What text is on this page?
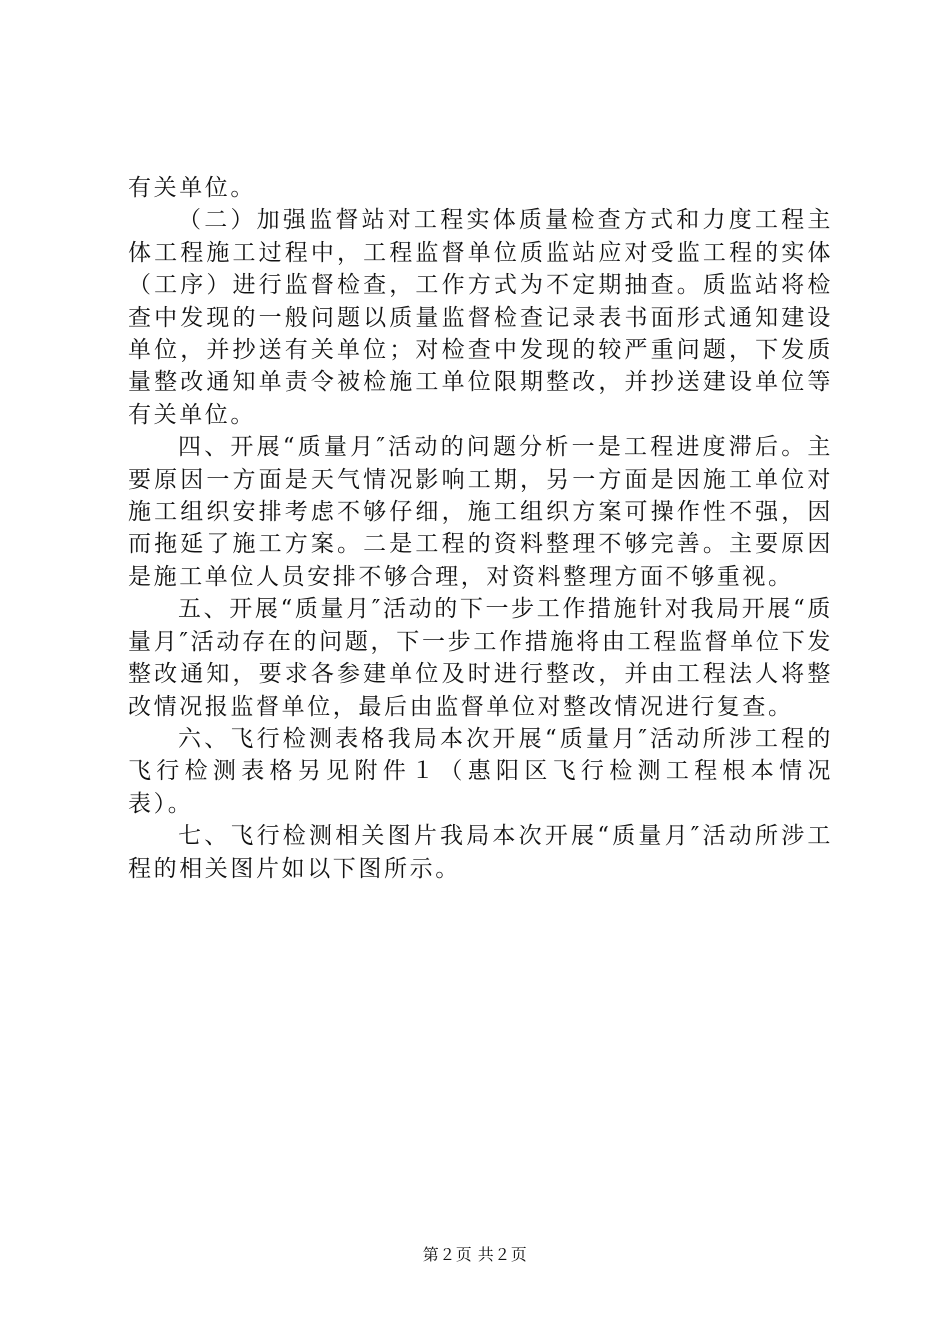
有关单位。

（二）加强监督站对工程实体质量检查方式和力度工程主体工程施工过程中，工程监督单位质监站应对受监工程的实体（工序）进行监督检查，工作方式为不定期抽查。质监站将检查中发现的一般问题以质量监督检查记录表书面形式通知建设单位，并抄送有关单位；对检查中发现的较严重问题，下发质量整改通知单责令被检施工单位限期整改，并抄送建设单位等有关单位。

四、开展“质量月″活动的问题分析一是工程进度滞后。主要原因一方面是天气情况影响工期，另一方面是因施工单位对施工组织安排考虑不够仔细，施工组织方案可操作性不强，因而拖延了施工方案。二是工程的资料整理不够完善。主要原因是施工单位人员安排不够合理，对资料整理方面不够重视。

五、开展“质量月″活动的下一步工作措施针对我局开展“质量月″活动存在的问题，下一步工作措施将由工程监督单位下发整改通知，要求各参建单位及时进行整改，并由工程法人将整改情况报监督单位，最后由监督单位对整改情况进行复查。

六、飞行检测表格我局本次开展“质量月″活动所涉工程的飞行检测表格另见附件１（惠阳区飞行检测工程根本情况表）。

七、飞行检测相关图片我局本次开展“质量月″活动所涉工程的相关图片如以下图所示。

第２页 共２页
